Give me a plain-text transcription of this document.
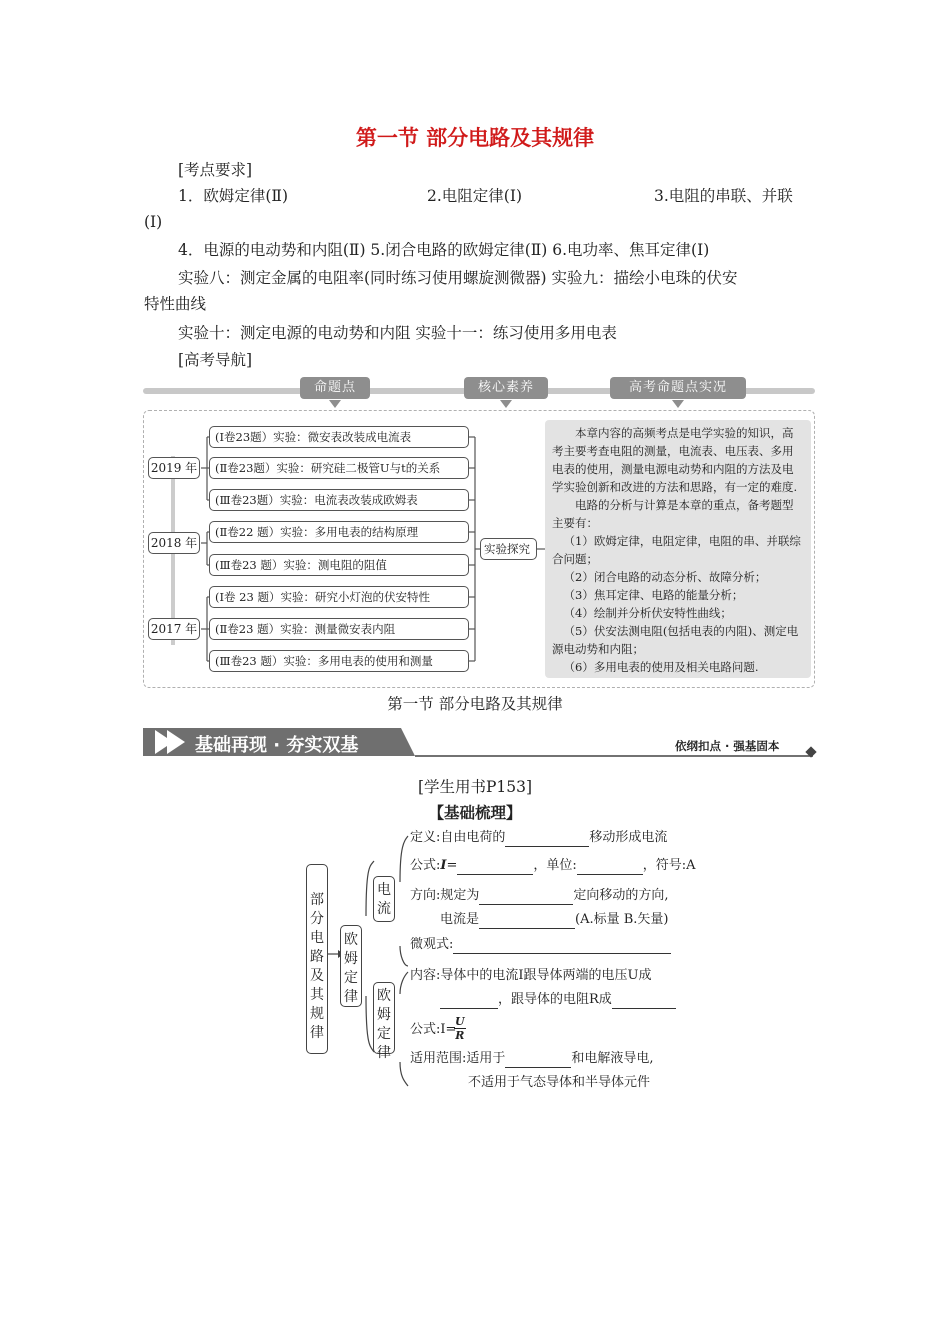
第一节 部分电路及其规律
[考点要求]
1．欧姆定律(Ⅱ)	2.电阻定律(Ⅰ)	3.电阻的串联、并联
(Ⅰ)
4．电源的电动势和内阻(Ⅱ) 5.闭合电路的欧姆定律(Ⅱ) 6.电功率、焦耳定律(Ⅰ)
实验八：测定金属的电阻率(同时练习使用螺旋测微器) 实验九：描绘小电珠的伏安
特性曲线
实验十：测定电源的电动势和内阻 实验十一：练习使用多用电表
[高考导航]
命题点	核心素养	高考命题点实况
2019 年
2018 年
2017 年
(Ⅰ卷23题）实验：微安表改装成电流表
(Ⅱ卷23题）实验：研究硅二极管U与t的关系
(Ⅲ卷23题）实验：电流表改装成欧姆表
(Ⅱ卷22 题）实验：多用电表的结构原理
(Ⅲ卷23 题）实验：测电阻的阻值
(Ⅰ卷 23 题）实验：研究小灯泡的伏安特性
(Ⅱ卷23 题）实验：测量微安表内阻
(Ⅲ卷23 题）实验：多用电表的使用和测量
实验探究

本章内容的高频考点是电学实验的知识，高考主要考查电阻的测量，电流表、电压表、多用电表的使用，测量电源电动势和内阻的方法及电学实验创新和改进的方法和思路，有一定的难度.

电路的分析与计算是本章的重点，备考题型主要有：

（1）欧姆定律，电阻定律，电阻的串、并联综合问题；

（2）闭合电路的动态分析、故障分析；

（3）焦耳定律、电路的能量分析；

（4）绘制并分析伏安特性曲线；

（5）伏安法测电阻(包括电表的内阻)、测定电源电动势和内阻；

（6）多用电表的使用及相关电路问题.

第一节 部分电路及其规律
基础再现 · 夯实双基	依纲扣点 · 强基固本
[学生用书P153]
【基础梳理】
部分电路及其规律
欧姆定律
电流
欧姆定律
定义:自由电荷的	移动形成电流
公式:I=	，单位:	，符号:A
方向:规定为	定向移动的方向,
电流是	(A.标量 B.矢量)
微观式:
内容:导体中的电流I跟导体两端的电压U成
，跟导体的电阻R成
公式:I=
$\frac{U}{R}$
适用范围:适用于	和电解液导电,
不适用于气态导体和半导体元件
